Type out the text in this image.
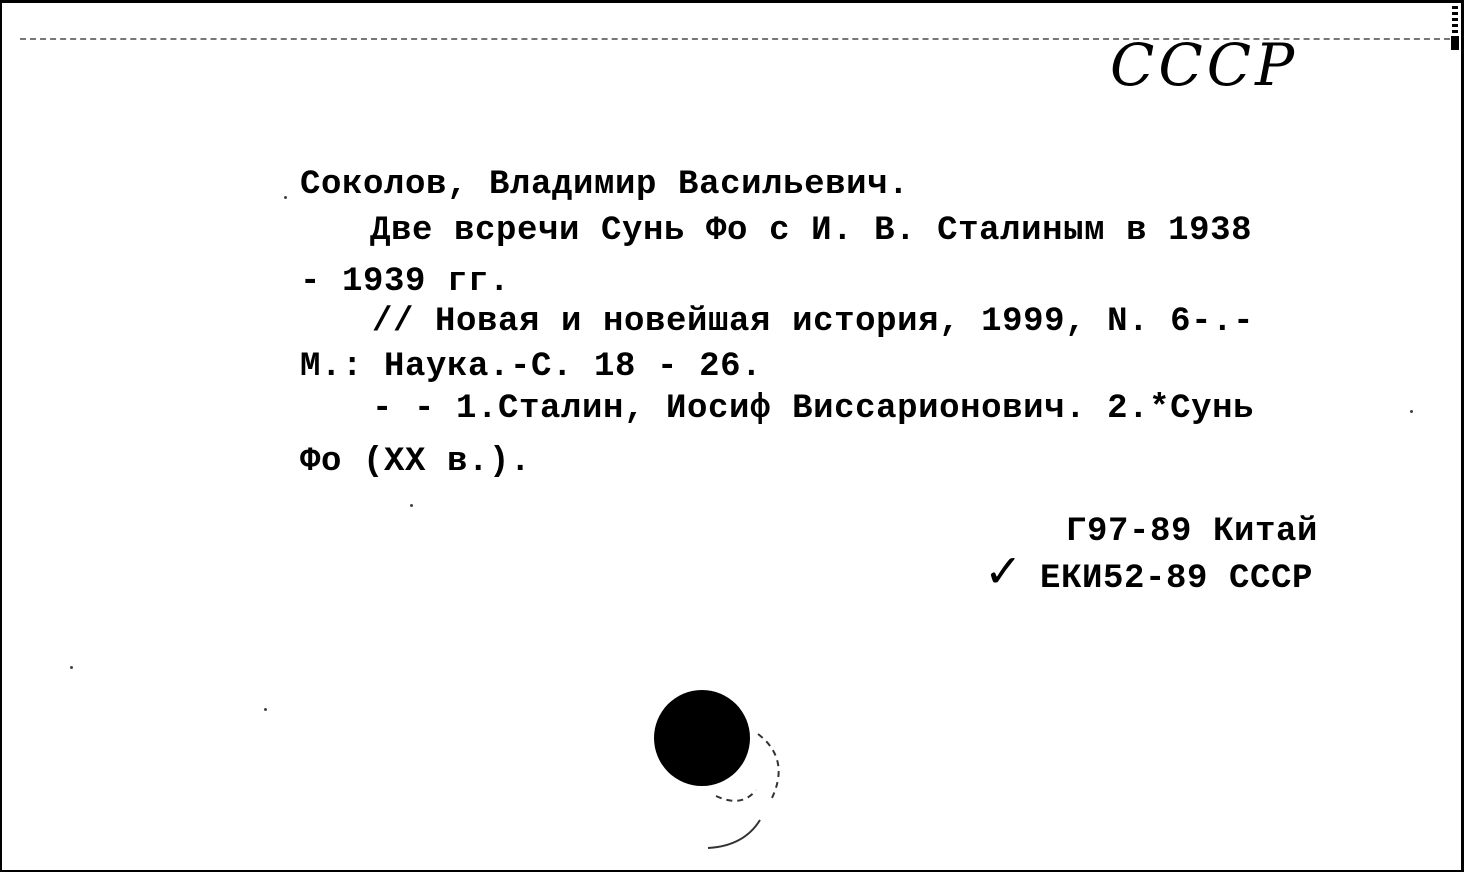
СССР
Соколов, Владимир Васильевич.
Две всречи Сунь Фо с И. В. Сталиным в 1938
- 1939 гг.
// Новая и новейшая история, 1999, N. 6-.-
М.: Наука.-С. 18 - 26.
- - 1.Сталин, Иосиф Виссарионович. 2.*Сунь
Фо (XX в.).
Г97-89 Китай
✓ ЕКИ52-89 СССР
